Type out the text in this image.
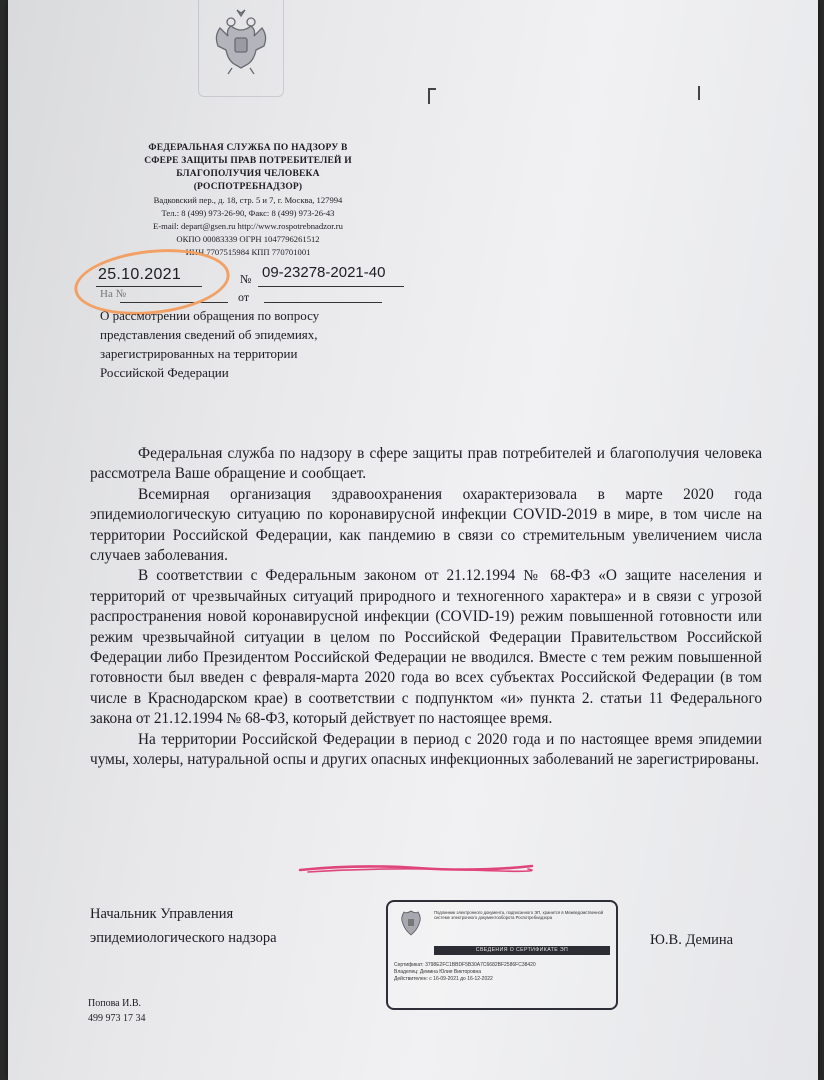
ФЕДЕРАЛЬНАЯ СЛУЖБА ПО НАДЗОРУ В
СФЕРЕ ЗАЩИТЫ ПРАВ ПОТРЕБИТЕЛЕЙ И
БЛАГОПОЛУЧИЯ ЧЕЛОВЕКА
(РОСПОТРЕБНАДЗОР)
Вадковский пер., д. 18, стр. 5 и 7, г. Москва, 127994
Тел.: 8 (499) 973-26-90, Факс: 8 (499) 973-26-43
E-mail: depart@gsen.ru http://www.rospotrebnadzor.ru
ОКПО 00083339 ОГРН 1047796261512
ИНН 7707515984 КПП 770701001
25.10.2021	№ 09-23278-2021-40
На №	от
О рассмотрении обращения по вопросу
представления сведений об эпидемиях,
зарегистрированных на территории
Российской Федерации

Федеральная служба по надзору в сфере защиты прав потребителей и благополучия человека рассмотрела Ваше обращение и сообщает.

Всемирная организация здравоохранения охарактеризовала в марте 2020 года эпидемиологическую ситуацию по коронавирусной инфекции COVID-2019 в мире, в том числе на территории Российской Федерации, как пандемию в связи со стремительным увеличением числа случаев заболевания.

В соответствии с Федеральным законом от 21.12.1994 № 68-ФЗ «О защите населения и территорий от чрезвычайных ситуаций природного и техногенного характера» и в связи с угрозой распространения новой коронавирусной инфекции (COVID-19) режим повышенной готовности или режим чрезвычайной ситуации в целом по Российской Федерации Правительством Российской Федерации либо Президентом Российской Федерации не вводился. Вместе с тем режим повышенной готовности был введен с февраля-марта 2020 года во всех субъектах Российской Федерации (в том числе в Краснодарском крае) в соответствии с подпунктом «и» пункта 2. статьи 11 Федерального закона от 21.12.1994 № 68-ФЗ, который действует по настоящее время.

На территории Российской Федерации в период с 2020 года и по настоящее время эпидемии чумы, холеры, натуральной оспы и других опасных инфекционных заболеваний не зарегистрированы.

Начальник Управления
эпидемиологического надзора	Ю.В. Демина
Подлинник электронного документа, подписанного ЭП, хранится в Межведомственной системе электронного документооборота Роспотребнадзора
СВЕДЕНИЯ О СЕРТИФИКАТЕ ЭП
Сертификат: 3798E2FC1BBDF5B30A7C6682BF2586FC38420
Владелец: Демина Юлия Викторовна
Действителен: с 16-09-2021 до 16-12-2022
Попова И.В.
499 973 17 34
